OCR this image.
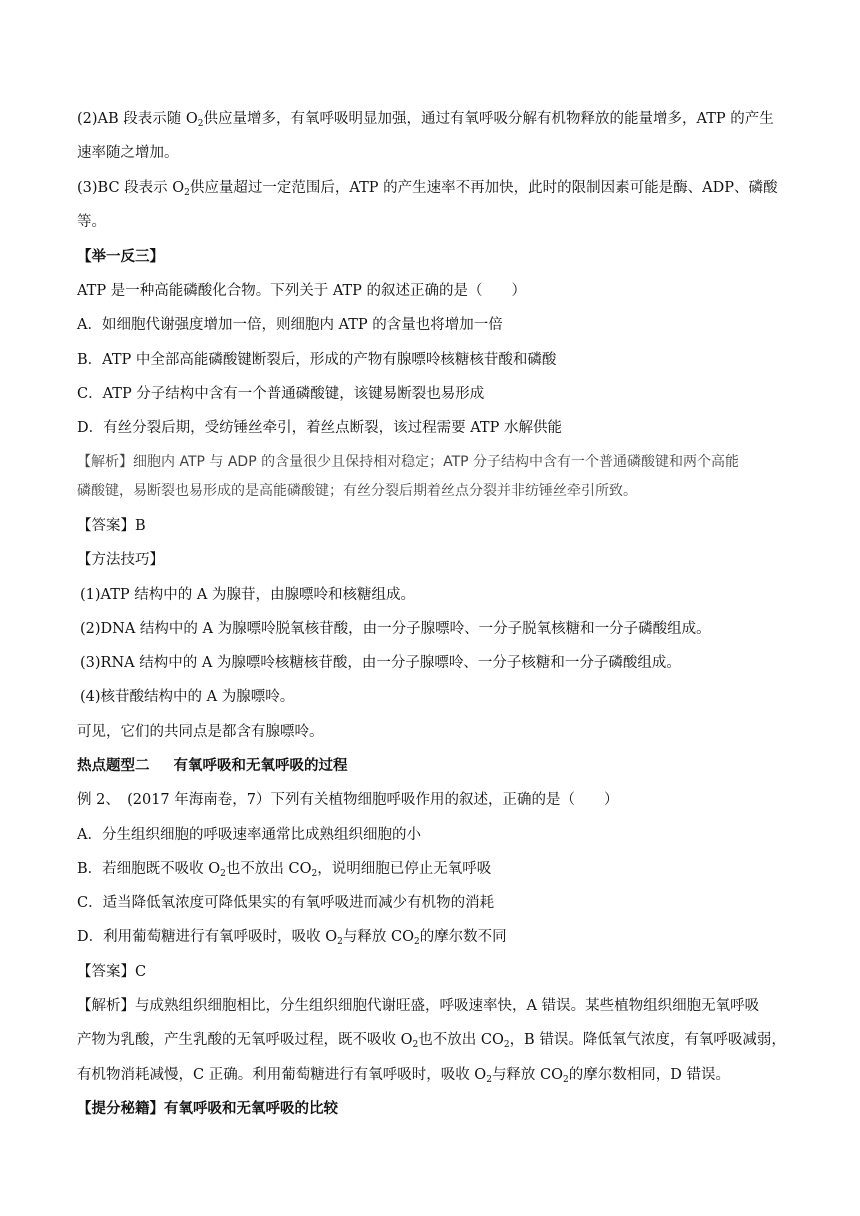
(2)AB 段表示随 $O_2$供应量增多，有氧呼吸明显加强，通过有氧呼吸分解有机物释放的能量增多，ATP 的产生
速率随之增加。
(3)BC 段表示 $O_2$供应量超过一定范围后，ATP 的产生速率不再加快，此时的限制因素可能是酶、ADP、磷酸
等。
【举一反三】
ATP 是一种高能磷酸化合物。下列关于 ATP 的叙述正确的是（　　）
A．如细胞代谢强度增加一倍，则细胞内 ATP 的含量也将增加一倍
B．ATP 中全部高能磷酸键断裂后，形成的产物有腺嘌呤核糖核苷酸和磷酸
C．ATP 分子结构中含有一个普通磷酸键，该键易断裂也易形成
D．有丝分裂后期，受纺锤丝牵引，着丝点断裂，该过程需要 ATP 水解供能
【解析】细胞内 ATP 与 ADP 的含量很少且保持相对稳定；ATP 分子结构中含有一个普通磷酸键和两个高能
磷酸键，易断裂也易形成的是高能磷酸键；有丝分裂后期着丝点分裂并非纺锤丝牵引所致。
【答案】B
【方法技巧】
(1)ATP 结构中的 A 为腺苷，由腺嘌呤和核糖组成。
(2)DNA 结构中的 A 为腺嘌呤脱氧核苷酸，由一分子腺嘌呤、一分子脱氧核糖和一分子磷酸组成。
(3)RNA 结构中的 A 为腺嘌呤核糖核苷酸，由一分子腺嘌呤、一分子核糖和一分子磷酸组成。
(4)核苷酸结构中的 A 为腺嘌呤。
可见，它们的共同点是都含有腺嘌呤。
热点题型二 有氧呼吸和无氧呼吸的过程
例 2、　(2017 年海南卷，7）下列有关植物细胞呼吸作用的叙述，正确的是（　　）
A．分生组织细胞的呼吸速率通常比成熟组织细胞的小
B．若细胞既不吸收 $O_2$也不放出 $CO_2$，说明细胞已停止无氧呼吸
C．适当降低氧浓度可降低果实的有氧呼吸进而减少有机物的消耗
D．利用葡萄糖进行有氧呼吸时，吸收 $O_2$与释放 $CO_2$的摩尔数不同
【答案】C
【解析】与成熟组织细胞相比，分生组织细胞代谢旺盛，呼吸速率快，A 错误。某些植物组织细胞无氧呼吸
产物为乳酸，产生乳酸的无氧呼吸过程，既不吸收 $O_2$也不放出 $CO_2$，B 错误。降低氧气浓度，有氧呼吸减弱，
有机物消耗减慢，C 正确。利用葡萄糖进行有氧呼吸时，吸收 $O_2$与释放 $CO_2$的摩尔数相同，D 错误。
【提分秘籍】有氧呼吸和无氧呼吸的比较
